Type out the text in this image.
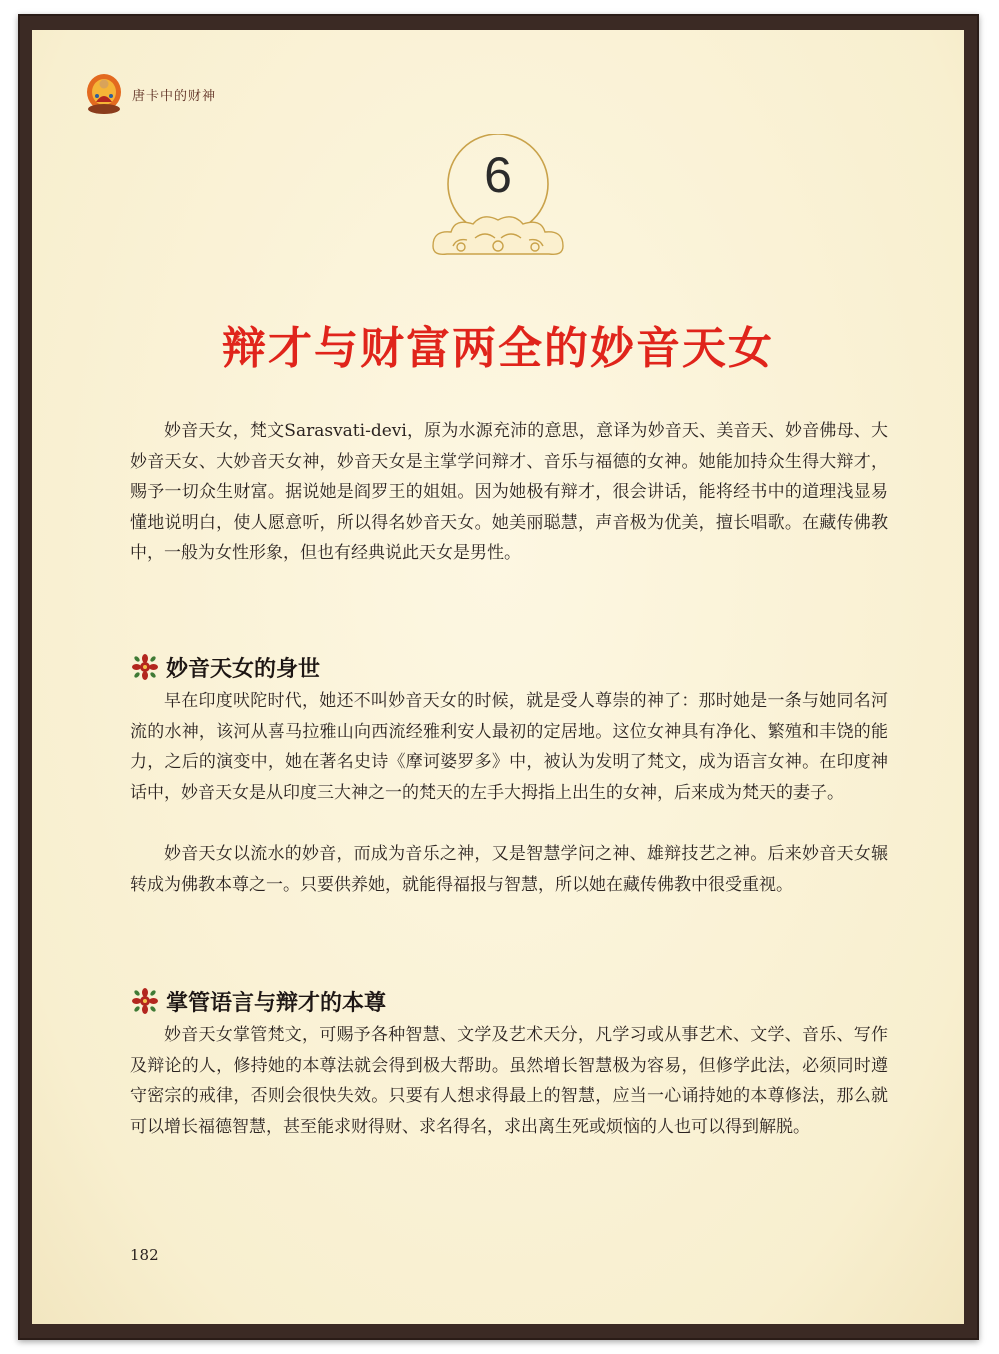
唐卡中的财神
6
辩才与财富两全的妙音天女

妙音天女，梵文Sarasvati-devi，原为水源充沛的意思，意译为妙音天、美音天、妙音佛母、大妙音天女、大妙音天女神，妙音天女是主掌学问辩才、音乐与福德的女神。她能加持众生得大辩才，赐予一切众生财富。据说她是阎罗王的姐姐。因为她极有辩才，很会讲话，能将经书中的道理浅显易懂地说明白，使人愿意听，所以得名妙音天女。她美丽聪慧，声音极为优美，擅长唱歌。在藏传佛教中，一般为女性形象，但也有经典说此天女是男性。

妙音天女的身世

早在印度吠陀时代，她还不叫妙音天女的时候，就是受人尊崇的神了：那时她是一条与她同名河流的水神，该河从喜马拉雅山向西流经雅利安人最初的定居地。这位女神具有净化、繁殖和丰饶的能力，之后的演变中，她在著名史诗《摩诃婆罗多》中，被认为发明了梵文，成为语言女神。在印度神话中，妙音天女是从印度三大神之一的梵天的左手大拇指上出生的女神，后来成为梵天的妻子。

妙音天女以流水的妙音，而成为音乐之神，又是智慧学问之神、雄辩技艺之神。后来妙音天女辗转成为佛教本尊之一。只要供养她，就能得福报与智慧，所以她在藏传佛教中很受重视。

掌管语言与辩才的本尊

妙音天女掌管梵文，可赐予各种智慧、文学及艺术天分，凡学习或从事艺术、文学、音乐、写作及辩论的人，修持她的本尊法就会得到极大帮助。虽然增长智慧极为容易，但修学此法，必须同时遵守密宗的戒律，否则会很快失效。只要有人想求得最上的智慧，应当一心诵持她的本尊修法，那么就可以增长福德智慧，甚至能求财得财、求名得名，求出离生死或烦恼的人也可以得到解脱。

182
